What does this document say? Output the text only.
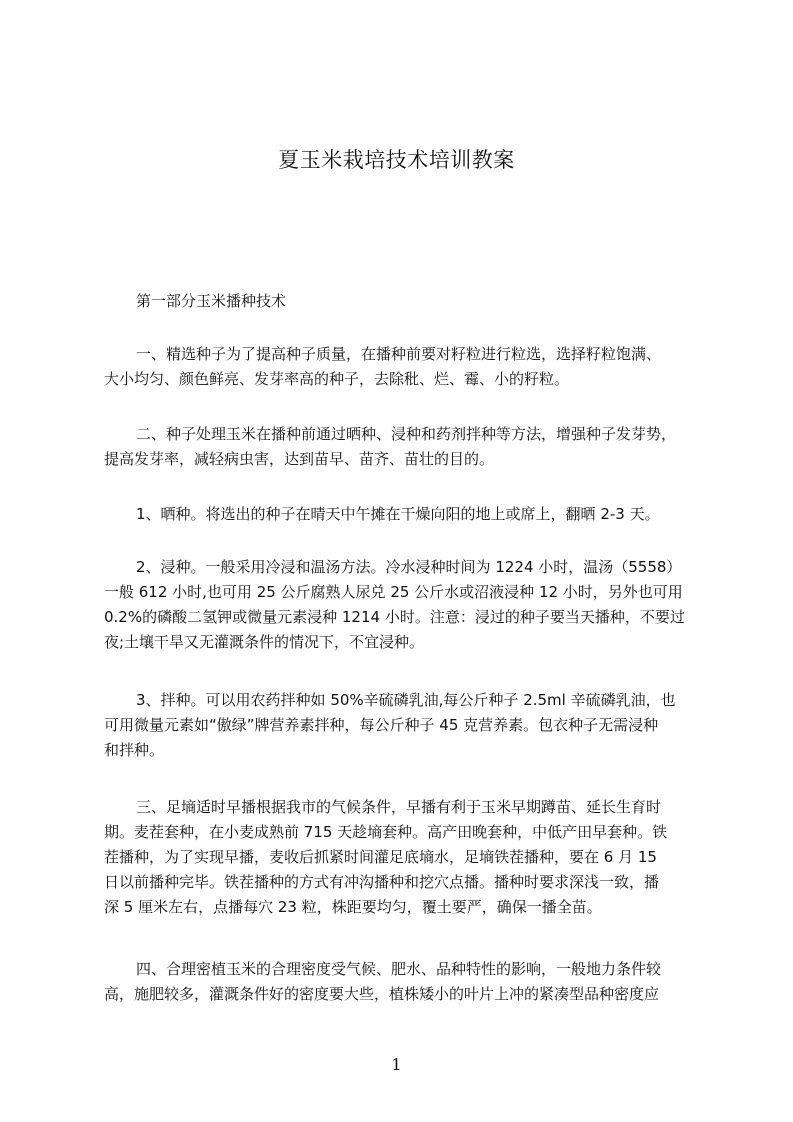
夏玉米栽培技术培训教案
第一部分玉米播种技术
一、精选种子为了提高种子质量，在播种前要对籽粒进行粒选，选择籽粒饱满、
大小均匀、颜色鲜亮、发芽率高的种子，去除秕、烂、霉、小的籽粒。
二、种子处理玉米在播种前通过晒种、浸种和药剂拌种等方法，增强种子发芽势，
提高发芽率，减轻病虫害，达到苗早、苗齐、苗壮的目的。
1、晒种。将选出的种子在晴天中午摊在干燥向阳的地上或席上，翻晒 2-3 天。
2、浸种。一般采用冷浸和温汤方法。冷水浸种时间为 1224 小时，温汤（5558）
一般 612 小时,也可用 25 公斤腐熟人尿兑 25 公斤水或沼液浸种 12 小时，另外也可用
0.2%的磷酸二氢钾或微量元素浸种 1214 小时。注意：浸过的种子要当天播种，不要过
夜;土壤干旱又无灌溉条件的情况下，不宜浸种。
3、拌种。可以用农药拌种如 50%辛硫磷乳油,每公斤种子 2.5ml 辛硫磷乳油，也
可用微量元素如“傲绿”牌营养素拌种，每公斤种子 45 克营养素。包衣种子无需浸种
和拌种。
三、足墒适时早播根据我市的气候条件，早播有利于玉米早期蹲苗、延长生育时
期。麦茬套种，在小麦成熟前 715 天趁墒套种。高产田晚套种，中低产田早套种。铁
茬播种，为了实现早播，麦收后抓紧时间灌足底墒水，足墒铁茬播种，要在 6 月 15
日以前播种完毕。铁茬播种的方式有冲沟播种和挖穴点播。播种时要求深浅一致，播
深 5 厘米左右，点播每穴 23 粒，株距要均匀，覆土要严，确保一播全苗。
四、合理密植玉米的合理密度受气候、肥水、品种特性的影响，一般地力条件较
高，施肥较多，灌溉条件好的密度要大些，植株矮小的叶片上冲的紧凑型品种密度应
1
